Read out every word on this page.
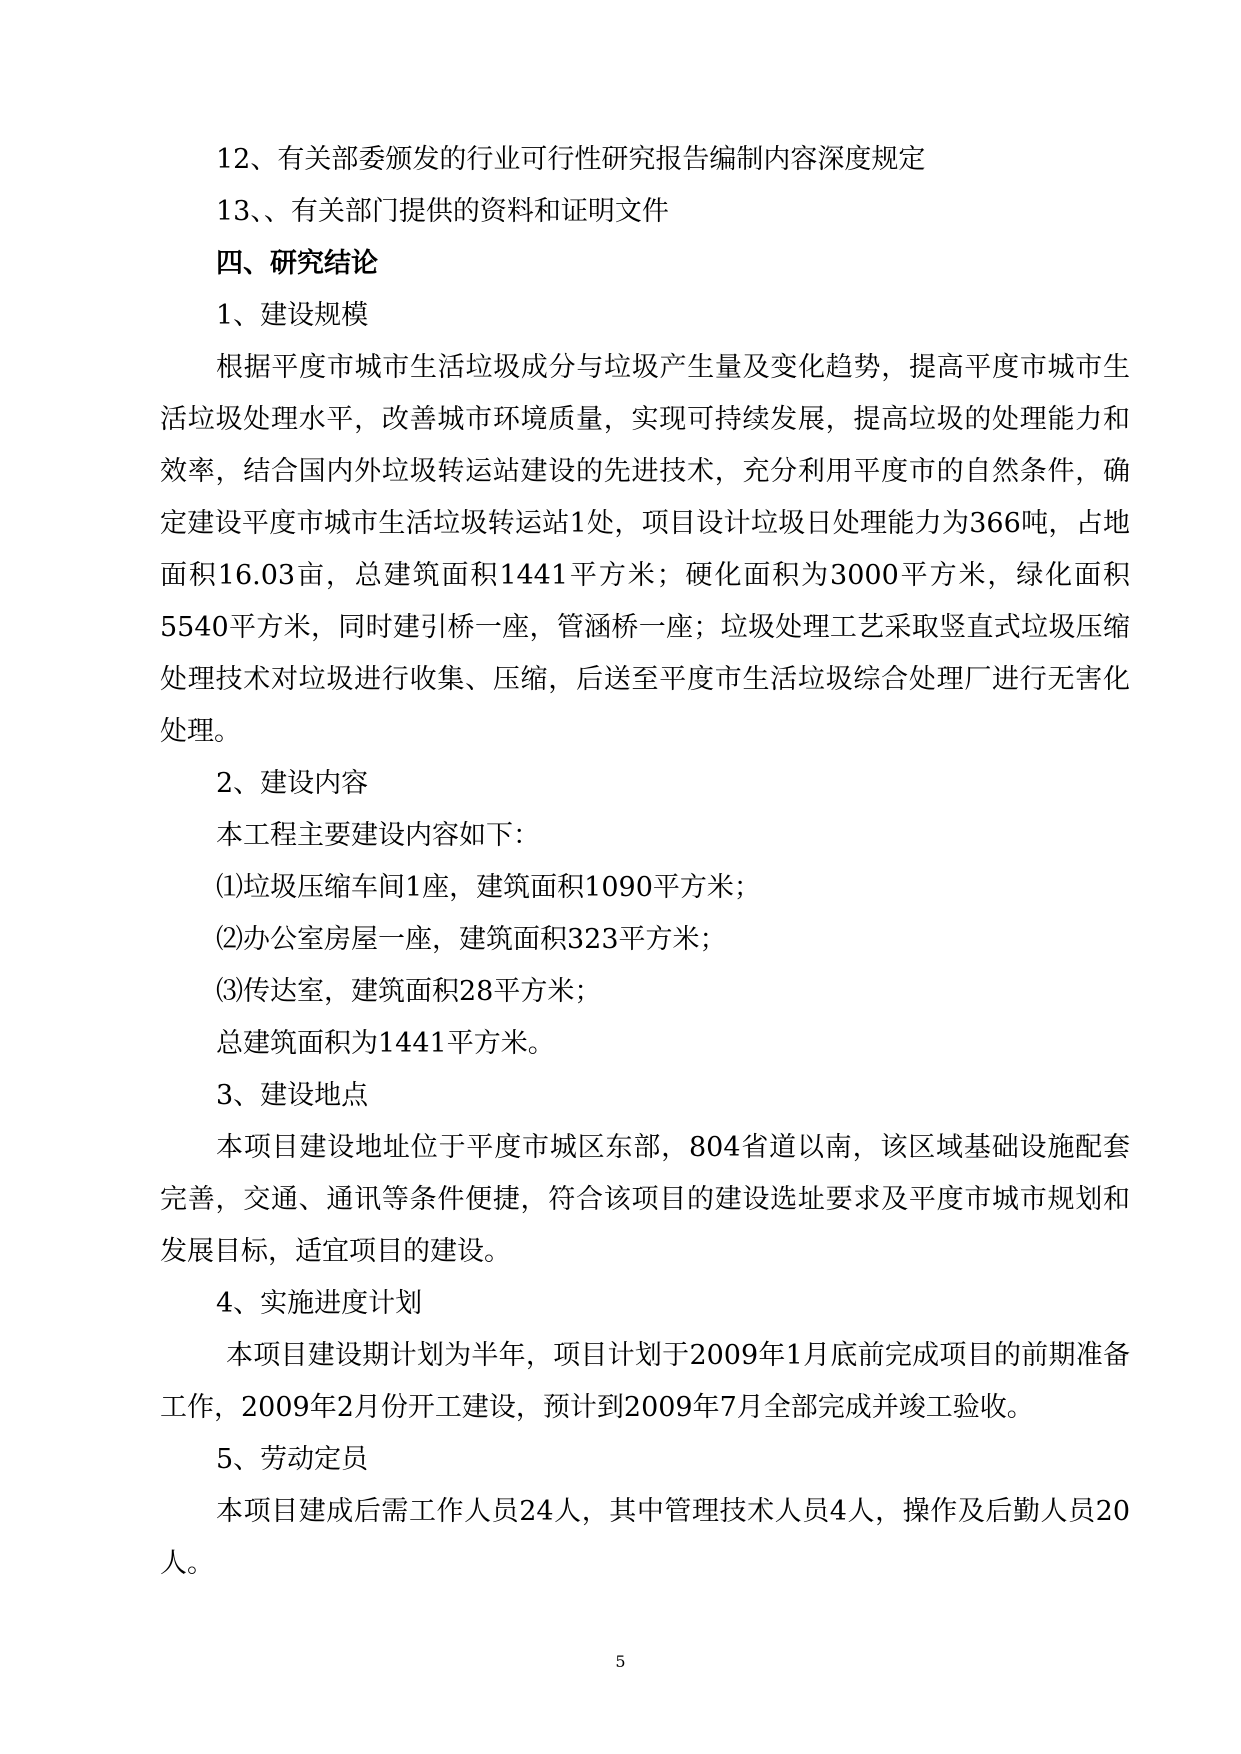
12、有关部委颁发的行业可行性研究报告编制内容深度规定

13、、有关部门提供的资料和证明文件

四、研究结论

1、建设规模

根据平度市城市生活垃圾成分与垃圾产生量及变化趋势，提高平度市城市生活垃圾处理水平，改善城市环境质量，实现可持续发展，提高垃圾的处理能力和效率，结合国内外垃圾转运站建设的先进技术，充分利用平度市的自然条件，确定建设平度市城市生活垃圾转运站1处，项目设计垃圾日处理能力为366吨，占地面积16.03亩，总建筑面积1441平方米；硬化面积为3000平方米，绿化面积5540平方米，同时建引桥一座，管涵桥一座；垃圾处理工艺采取竖直式垃圾压缩处理技术对垃圾进行收集、压缩，后送至平度市生活垃圾综合处理厂进行无害化处理。

2、建设内容

本工程主要建设内容如下：

⑴垃圾压缩车间1座，建筑面积1090平方米；

⑵办公室房屋一座，建筑面积323平方米；

⑶传达室，建筑面积28平方米；

总建筑面积为1441平方米。

3、建设地点

本项目建设地址位于平度市城区东部，804省道以南，该区域基础设施配套完善，交通、通讯等条件便捷，符合该项目的建设选址要求及平度市城市规划和发展目标，适宜项目的建设。

4、实施进度计划

本项目建设期计划为半年，项目计划于2009年1月底前完成项目的前期准备工作，2009年2月份开工建设，预计到2009年7月全部完成并竣工验收。

5、劳动定员

本项目建成后需工作人员24人，其中管理技术人员4人，操作及后勤人员20人。

5
